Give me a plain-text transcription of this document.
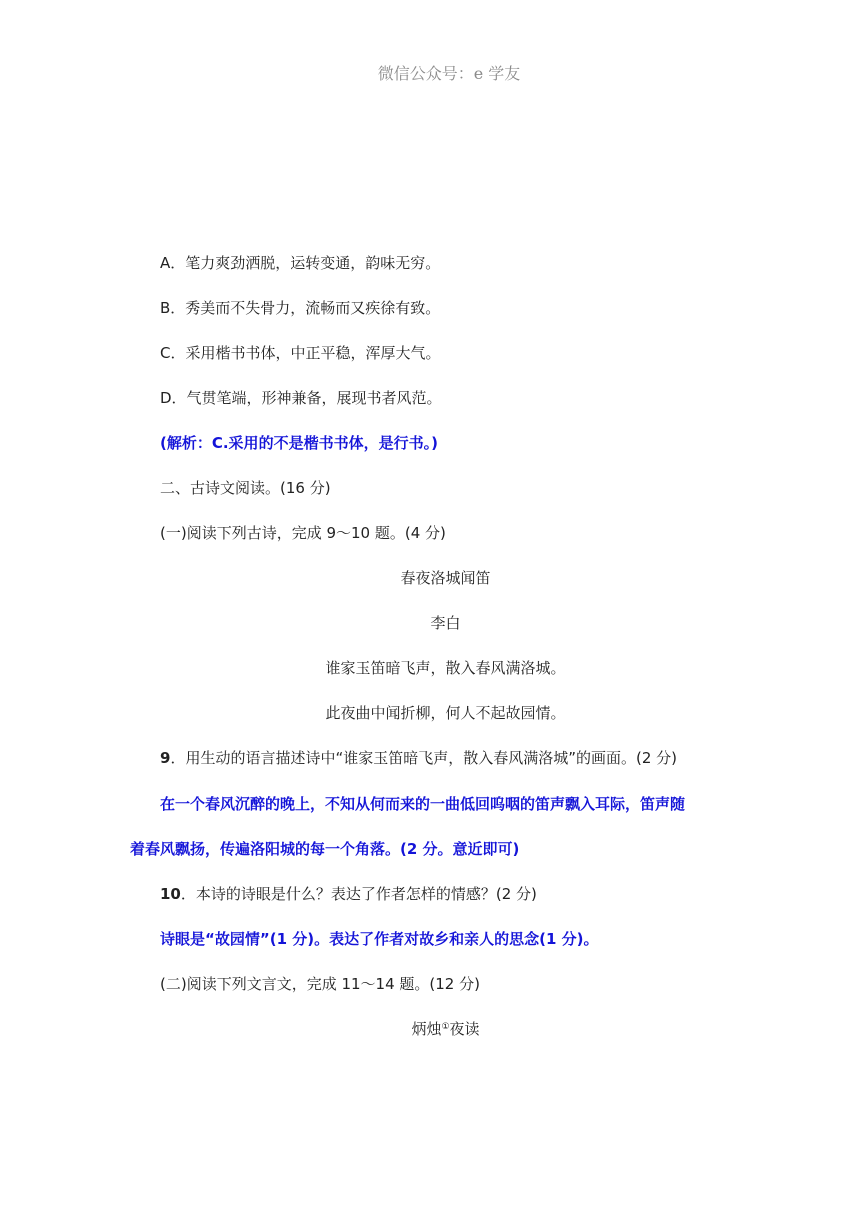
微信公众号：e 学友
A．笔力爽劲洒脱，运转变通，韵味无穷。
B．秀美而不失骨力，流畅而又疾徐有致。
C．采用楷书书体，中正平稳，浑厚大气。
D．气贯笔端，形神兼备，展现书者风范。
(解析：C.采用的不是楷书书体，是行书。)
二、古诗文阅读。(16 分)
(一)阅读下列古诗，完成 9～10 题。(4 分)
春夜洛城闻笛
李白
谁家玉笛暗飞声，散入春风满洛城。
此夜曲中闻折柳，何人不起故园情。
9．用生动的语言描述诗中“谁家玉笛暗飞声，散入春风满洛城”的画面。(2 分)
在一个春风沉醉的晚上，不知从何而来的一曲低回呜咽的笛声飘入耳际，笛声随
着春风飘扬，传遍洛阳城的每一个角落。(2 分。意近即可)
10．本诗的诗眼是什么？表达了作者怎样的情感？(2 分)
诗眼是“故园情”(1 分)。表达了作者对故乡和亲人的思念(1 分)。
(二)阅读下列文言文，完成 11～14 题。(12 分)
炳烛①夜读
